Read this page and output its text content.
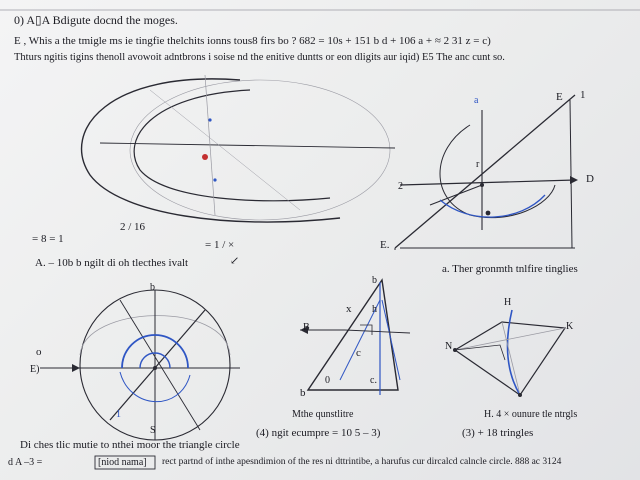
0) A▯A Bdigute docnd the moges.
E , Whis a the tmigle ms ie tingfie thelchits ionns tous8 firs bo ? 682 = 10s + 151 b d + 106 a + ≈ 2 31 z = c)
Thturs ngitis tigins thenoll avowoit adntbrons i soise nd the enitive duntts or eon dligits aur iqid) E5 The anc cunt so.
= 8 = 1
2 / 16
= 1 / ×
A. – 10b b ngilt di oh tlecthes ivalt	↙
E 1
D
E.
r
2
a
a. Ther gronmth tnlfire tinglies
o
E)
b
S
1
b
x h
c
b
0	c.
B
Mthe qunstlitre
(4) ngit ecumpre = 10 5 – 3)
N
K
H
H. 4 × ounure tle ntrgls
(3) + 18 tringles
Di ches tlic mutie to nthei moor the triangle circle
d A –3 =	[niod nama] rect partnd of inthe apesndimion of the res ni dttrintibe, a harufus cur dircalcd calncle circle. 888 ac 3124
